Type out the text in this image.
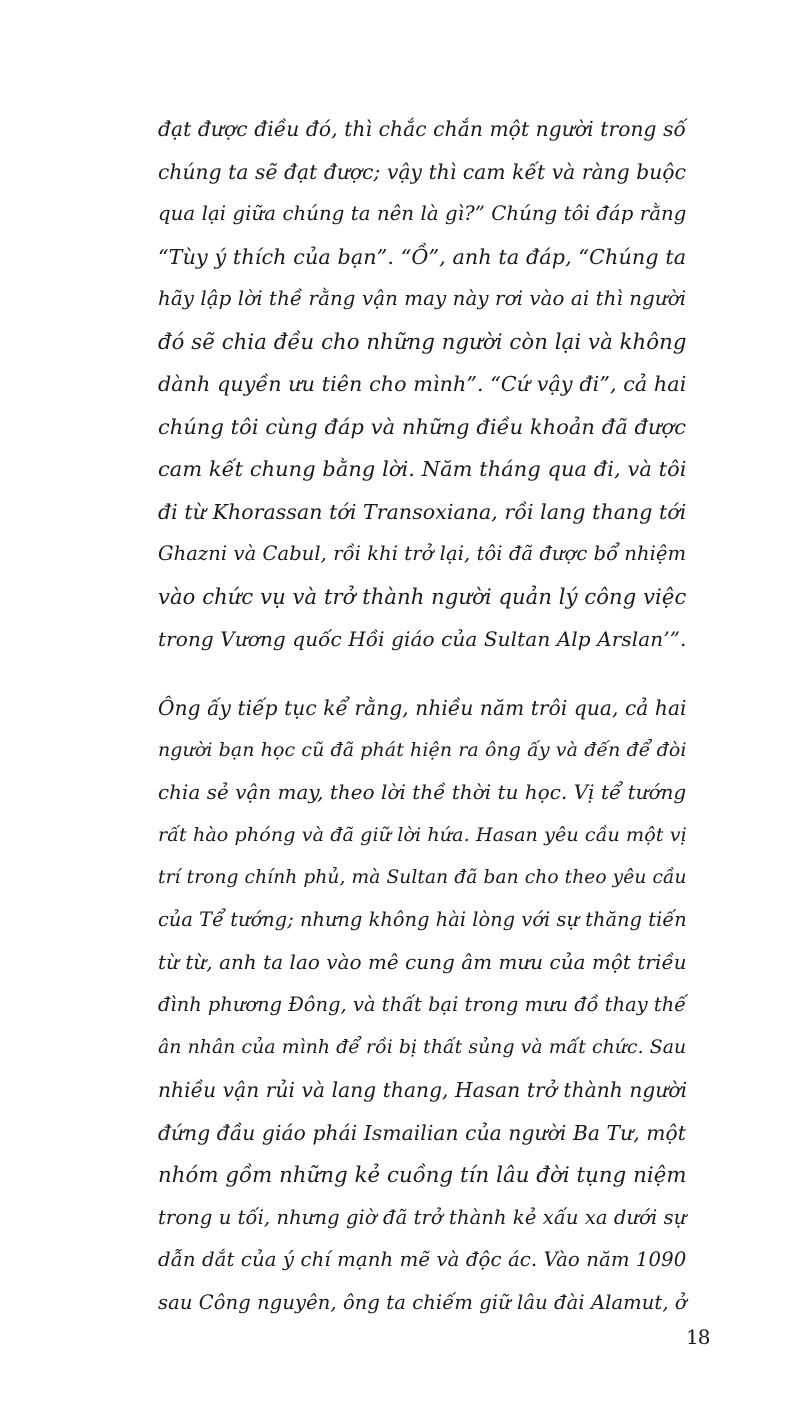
đạt được điều đó, thì chắc chắn một người trong số
chúng ta sẽ đạt được; vậy thì cam kết và ràng buộc
qua lại giữa chúng ta nên là gì?” Chúng tôi đáp rằng
“Tùy ý thích của bạn”. “Ồ”, anh ta đáp, “Chúng ta
hãy lập lời thề rằng vận may này rơi vào ai thì người
đó sẽ chia đều cho những người còn lại và không
dành quyền ưu tiên cho mình”. “Cứ vậy đi”, cả hai
chúng tôi cùng đáp và những điều khoản đã được
cam kết chung bằng lời. Năm tháng qua đi, và tôi
đi từ Khorassan tới Transoxiana, rồi lang thang tới
Ghazni và Cabul, rồi khi trở lại, tôi đã được bổ nhiệm
vào chức vụ và trở thành người quản lý công việc
trong Vương quốc Hồi giáo của Sultan Alp Arslan’”.

Ông ấy tiếp tục kể rằng, nhiều năm trôi qua, cả hai
người bạn học cũ đã phát hiện ra ông ấy và đến để đòi
chia sẻ vận may, theo lời thề thời tu học. Vị tể tướng
rất hào phóng và đã giữ lời hứa. Hasan yêu cầu một vị
trí trong chính phủ, mà Sultan đã ban cho theo yêu cầu
của Tể tướng; nhưng không hài lòng với sự thăng tiến
từ từ, anh ta lao vào mê cung âm mưu của một triều
đình phương Đông, và thất bại trong mưu đồ thay thế
ân nhân của mình để rồi bị thất sủng và mất chức. Sau
nhiều vận rủi và lang thang, Hasan trở thành người
đứng đầu giáo phái Ismailian của người Ba Tư, một
nhóm gồm những kẻ cuồng tín lâu đời tụng niệm
trong u tối, nhưng giờ đã trở thành kẻ xấu xa dưới sự
dẫn dắt của ý chí mạnh mẽ và độc ác. Vào năm 1090
sau Công nguyên, ông ta chiếm giữ lâu đài Alamut, ở

18
